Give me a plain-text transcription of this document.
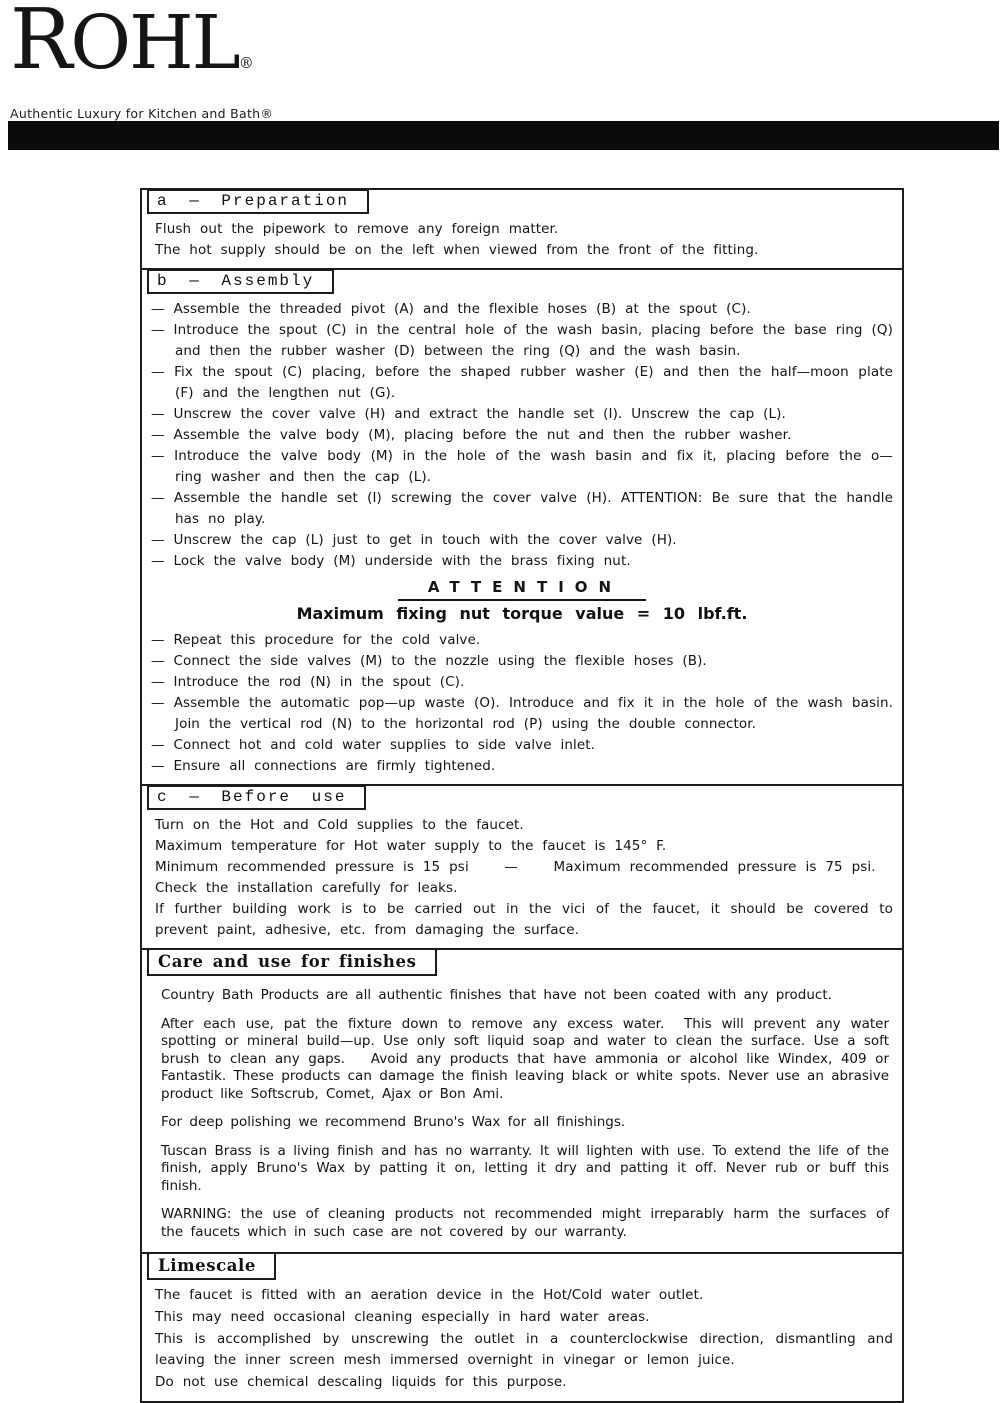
ROHL®
Authentic Luxury for Kitchen and Bath®
a — Preparation
Flush out the pipework to remove any foreign matter.
The hot supply should be on the left when viewed from the front of the fitting.
b — Assembly
— Assemble the threaded pivot (A) and the flexible hoses (B) at the spout (C).
— Introduce the spout (C) in the central hole of the wash basin, placing before the base ring (Q) and then the rubber washer (D) between the ring (Q) and the wash basin.
— Fix the spout (C) placing, before the shaped rubber washer (E) and then the half—moon plate (F) and the lengthen nut (G).
— Unscrew the cover valve (H) and extract the handle set (I). Unscrew the cap (L).
— Assemble the valve body (M), placing before the nut and then the rubber washer.
— Introduce the valve body (M) in the hole of the wash basin and fix it, placing before the o—ring washer and then the cap (L).
— Assemble the handle set (I) screwing the cover valve (H). ATTENTION: Be sure that the handle has no play.
— Unscrew the cap (L) just to get in touch with the cover valve (H).
— Lock the valve body (M) underside with the brass fixing nut.
ATTENTION
Maximum fixing nut torque value = 10 lbf.ft.
— Repeat this procedure for the cold valve.
— Connect the side valves (M) to the nozzle using the flexible hoses (B).
— Introduce the rod (N) in the spout (C).
— Assemble the automatic pop—up waste (O). Introduce and fix it in the hole of the wash basin. Join the vertical rod (N) to the horizontal rod (P) using the double connector.
— Connect hot and cold water supplies to side valve inlet.
— Ensure all connections are firmly tightened.
c — Before use
Turn on the Hot and Cold supplies to the faucet.
Maximum temperature for Hot water supply to the faucet is 145° F.
Minimum recommended pressure is 15 psi    —    Maximum recommended pressure is 75 psi.
Check the installation carefully for leaks.
If further building work is to be carried out in the vici of the faucet, it should be covered to prevent paint, adhesive, etc. from damaging the surface.
Care and use for finishes
Country Bath Products are all authentic finishes that have not been coated with any product.
After each use, pat the fixture down to remove any excess water.  This will prevent any water spotting or mineral build—up. Use only soft liquid soap and water to clean the surface. Use a soft brush to clean any gaps.   Avoid any products that have ammonia or alcohol like Windex, 409 or Fantastik. These products can damage the finish leaving black or white spots. Never use an abrasive product like Softscrub, Comet, Ajax or Bon Ami.
For deep polishing we recommend Bruno's Wax for all finishings.
Tuscan Brass is a living finish and has no warranty. It will lighten with use. To extend the life of the finish, apply Bruno's Wax by patting it on, letting it dry and patting it off. Never rub or buff this finish.
WARNING: the use of cleaning products not recommended might irreparably harm the surfaces of the faucets which in such case are not covered by our warranty.
Limescale
The faucet is fitted with an aeration device in the Hot/Cold water outlet.
This may need occasional cleaning especially in hard water areas.
This is accomplished by unscrewing the outlet in a counterclockwise direction, dismantling and leaving the inner screen mesh immersed overnight in vinegar or lemon juice.
Do not use chemical descaling liquids for this purpose.
